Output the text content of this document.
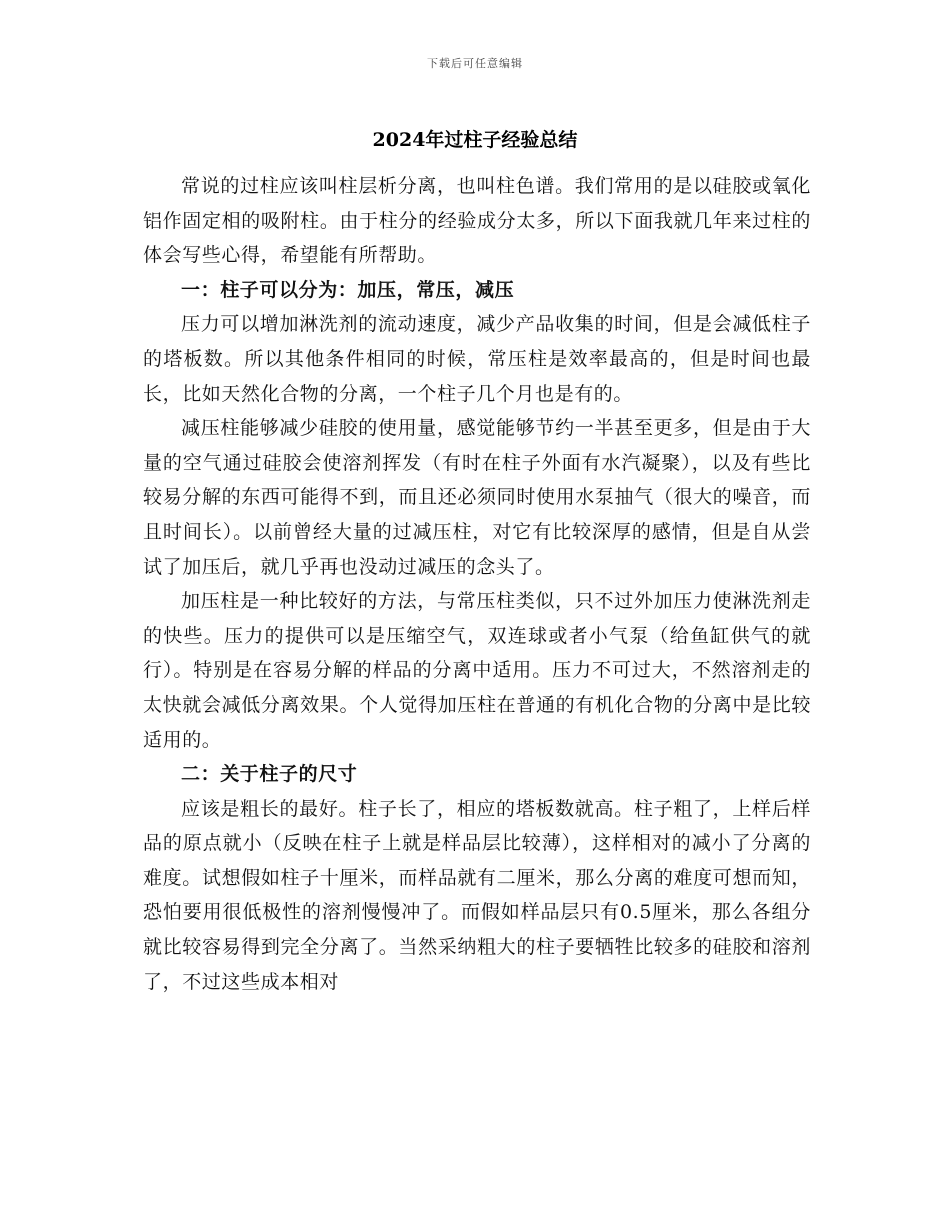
下载后可任意编辑
2024年过柱子经验总结

常说的过柱应该叫柱层析分离，也叫柱色谱。我们常用的是以硅胶或氧化铝作固定相的吸附柱。由于柱分的经验成分太多，所以下面我就几年来过柱的体会写些心得，希望能有所帮助。

一：柱子可以分为：加压，常压，减压

压力可以增加淋洗剂的流动速度，减少产品收集的时间，但是会减低柱子的塔板数。所以其他条件相同的时候，常压柱是效率最高的，但是时间也最长，比如天然化合物的分离，一个柱子几个月也是有的。

减压柱能够减少硅胶的使用量，感觉能够节约一半甚至更多，但是由于大量的空气通过硅胶会使溶剂挥发（有时在柱子外面有水汽凝聚），以及有些比较易分解的东西可能得不到，而且还必须同时使用水泵抽气（很大的噪音，而且时间长）。以前曾经大量的过减压柱，对它有比较深厚的感情，但是自从尝试了加压后，就几乎再也没动过减压的念头了。

加压柱是一种比较好的方法，与常压柱类似，只不过外加压力使淋洗剂走的快些。压力的提供可以是压缩空气，双连球或者小气泵（给鱼缸供气的就行）。特别是在容易分解的样品的分离中适用。压力不可过大，不然溶剂走的太快就会减低分离效果。个人觉得加压柱在普通的有机化合物的分离中是比较适用的。

二：关于柱子的尺寸

应该是粗长的最好。柱子长了，相应的塔板数就高。柱子粗了，上样后样品的原点就小（反映在柱子上就是样品层比较薄），这样相对的减小了分离的难度。试想假如柱子十厘米，而样品就有二厘米，那么分离的难度可想而知，恐怕要用很低极性的溶剂慢慢冲了。而假如样品层只有0.5厘米，那么各组分就比较容易得到完全分离了。当然采纳粗大的柱子要牺牲比较多的硅胶和溶剂了，不过这些成本相对
